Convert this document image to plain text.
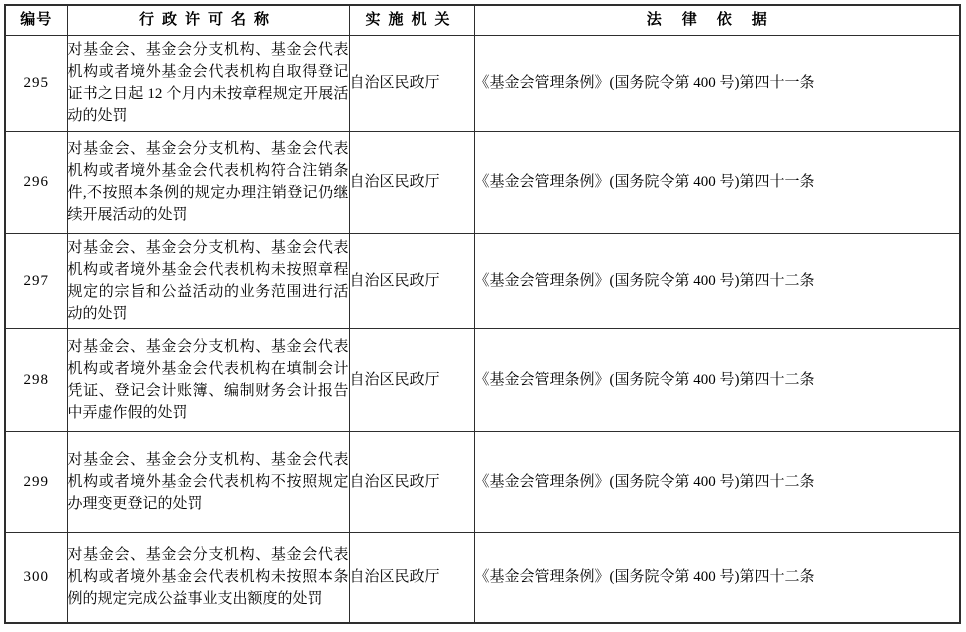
编号	行政许可名称	实施机关	法律依据
295	对基金会、基金会分支机构、基金会代表机构或者境外基金会代表机构自取得登记证书之日起 12 个月内未按章程规定开展活动的处罚	自治区民政厅	《基金会管理条例》(国务院令第 400 号)第四十一条
296	对基金会、基金会分支机构、基金会代表机构或者境外基金会代表机构符合注销条件,不按照本条例的规定办理注销登记仍继续开展活动的处罚	自治区民政厅	《基金会管理条例》(国务院令第 400 号)第四十一条
297	对基金会、基金会分支机构、基金会代表机构或者境外基金会代表机构未按照章程规定的宗旨和公益活动的业务范围进行活动的处罚	自治区民政厅	《基金会管理条例》(国务院令第 400 号)第四十二条
298	对基金会、基金会分支机构、基金会代表机构或者境外基金会代表机构在填制会计凭证、登记会计账簿、编制财务会计报告中弄虚作假的处罚	自治区民政厅	《基金会管理条例》(国务院令第 400 号)第四十二条
299	对基金会、基金会分支机构、基金会代表机构或者境外基金会代表机构不按照规定办理变更登记的处罚	自治区民政厅	《基金会管理条例》(国务院令第 400 号)第四十二条
300	对基金会、基金会分支机构、基金会代表机构或者境外基金会代表机构未按照本条例的规定完成公益事业支出额度的处罚	自治区民政厅	《基金会管理条例》(国务院令第 400 号)第四十二条
